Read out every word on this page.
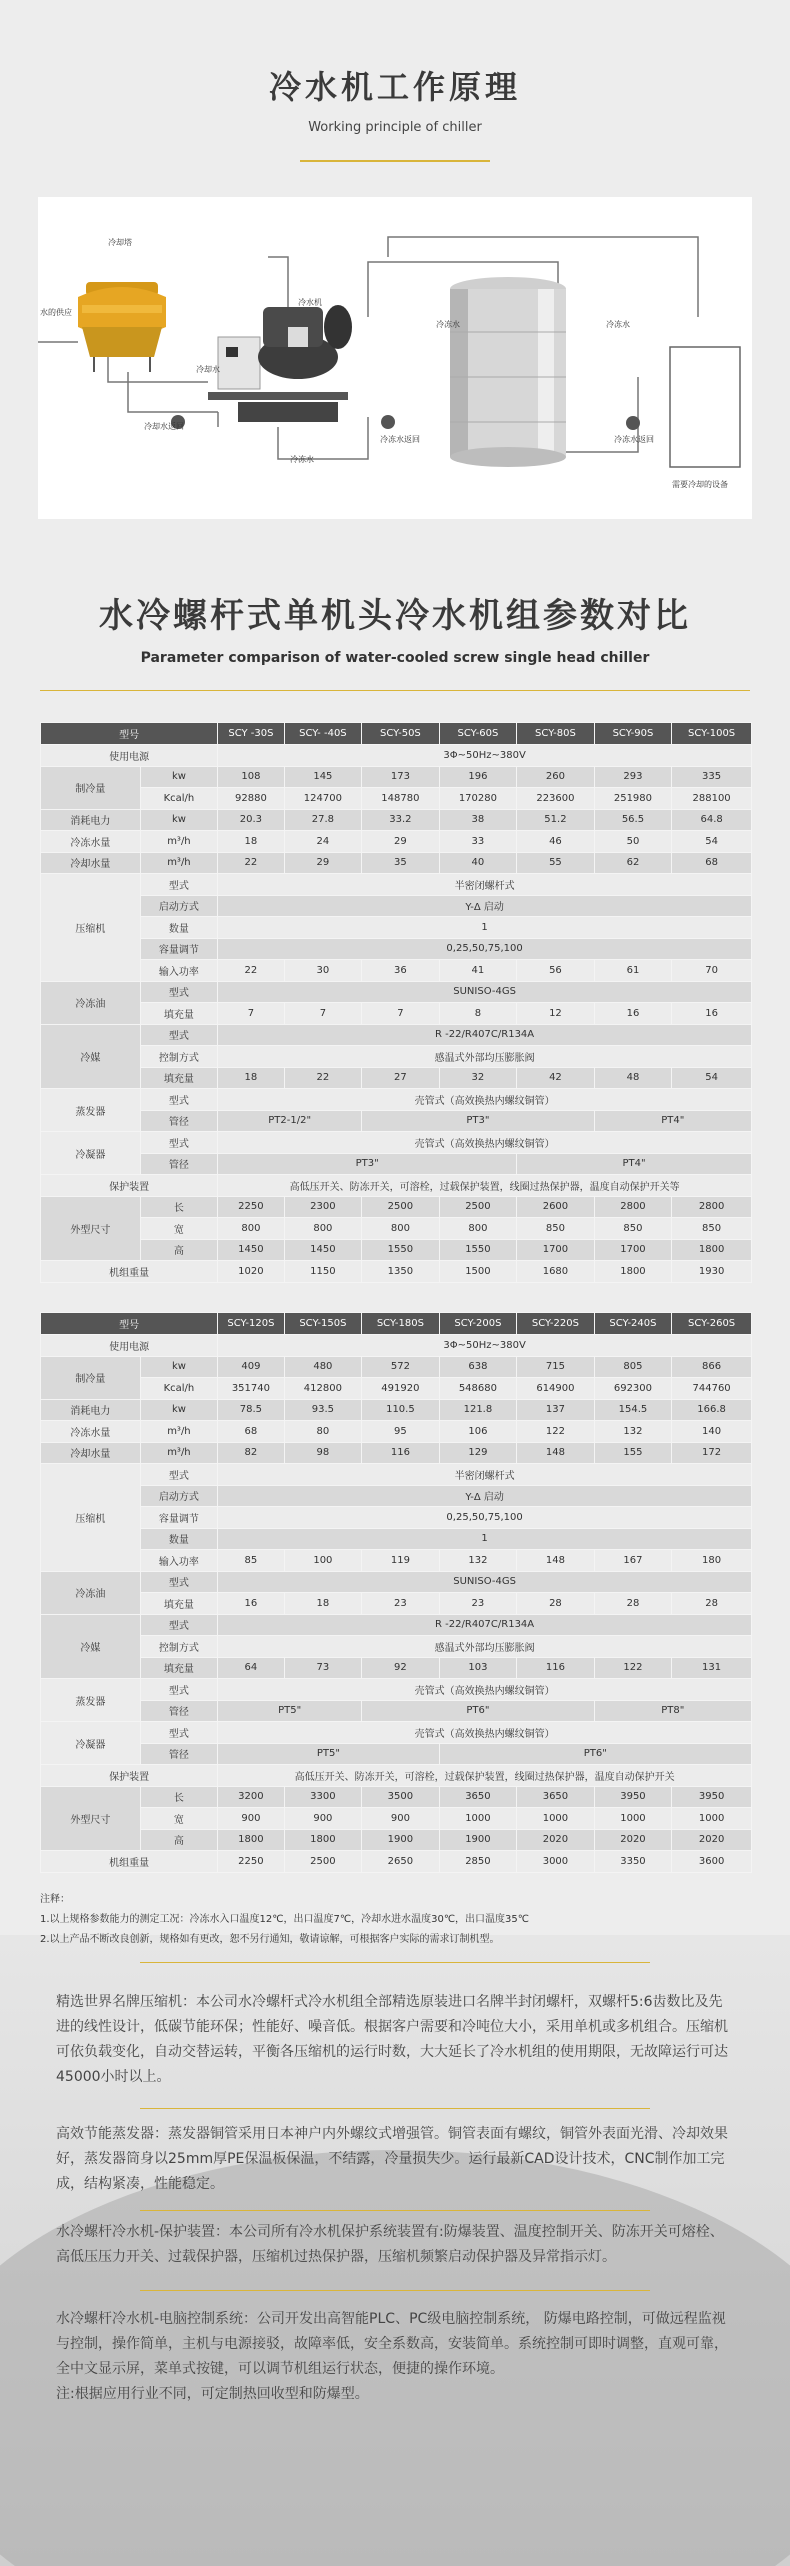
冷水机工作原理
Working principle of chiller
冷却塔
水的供应
冷水机
冷却水
冷却水返回
冷冻水	冷冻水
冷冻水返回	冷冻水返回
需要冷却的设备
冷冻水
水冷螺杆式单机头冷水机组参数对比
Parameter comparison of water-cooled screw single head chiller
型号		SCY -30S	SCY- -40S	SCY-50S	SCY-60S	SCY-80S	SCY-90S	SCY-100S
使用电源		3Φ~50Hz~380V						
制冷量	kw	108	145	173	196	260	293	335
	Kcal/h	92880	124700	148780	170280	223600	251980	288100
消耗电力	kw	20.3	27.8	33.2	38	51.2	56.5	64.8
冷冻水量	m³/h	18	24	29	33	46	50	54
冷却水量	m³/h	22	29	35	40	55	62	68
压缩机	型式	半密闭螺杆式						
	启动方式	Y-Δ 启动						
	数量	1						
	容量调节	0,25,50,75,100						
	输入功率	22	30	36	41	56	61	70
冷冻油	型式	SUNISO-4GS						
	填充量	7	7	7	8	12	16	16
冷媒	型式	R -22/R407C/R134A						
	控制方式	感温式外部均压膨胀阀						
	填充量	18	22	27	32	42	48	54
蒸发器	型式	壳管式（高效换热内螺纹铜管）						
	管径	PT2-1/2"		PT3"			PT4"	
冷凝器	型式	壳管式（高效换热内螺纹铜管）						
	管径	PT3"				PT4"		
保护装置		高低压开关、防冻开关，可溶栓，过载保护装置，线圈过热保护器，温度自动保护开关等						
外型尺寸	长	2250	2300	2500	2500	2600	2800	2800
	宽	800	800	800	800	850	850	850
	高	1450	1450	1550	1550	1700	1700	1800
机组重量		1020	1150	1350	1500	1680	1800	1930
型号		SCY-120S	SCY-150S	SCY-180S	SCY-200S	SCY-220S	SCY-240S	SCY-260S
使用电源		3Φ~50Hz~380V						
制冷量	kw	409	480	572	638	715	805	866
	Kcal/h	351740	412800	491920	548680	614900	692300	744760
消耗电力	kw	78.5	93.5	110.5	121.8	137	154.5	166.8
冷冻水量	m³/h	68	80	95	106	122	132	140
冷却水量	m³/h	82	98	116	129	148	155	172
压缩机	型式	半密闭螺杆式						
	启动方式	Y-Δ 启动						
	容量调节	0,25,50,75,100						
	数量	1						
	输入功率	85	100	119	132	148	167	180
冷冻油	型式	SUNISO-4GS						
	填充量	16	18	23	23	28	28	28
冷媒	型式	R -22/R407C/R134A						
	控制方式	感温式外部均压膨胀阀						
	填充量	64	73	92	103	116	122	131
蒸发器	型式	壳管式（高效换热内螺纹铜管）						
	管径	PT5"		PT6"			PT8"	
冷凝器	型式	壳管式（高效换热内螺纹铜管）						
	管径	PT5"			PT6"			
保护装置		高低压开关、防冻开关，可溶栓，过载保护装置，线圈过热保护器，温度自动保护开关						
外型尺寸	长	3200	3300	3500	3650	3650	3950	3950
	宽	900	900	900	1000	1000	1000	1000
	高	1800	1800	1900	1900	2020	2020	2020
机组重量		2250	2500	2650	2850	3000	3350	3600
注释：
1.以上规格参数能力的测定工况：冷冻水入口温度12℃，出口温度7℃，冷却水进水温度30℃，出口温度35℃
2.以上产品不断改良创新，规格如有更改，恕不另行通知，敬请谅解，可根据客户实际的需求订制机型。
精选世界名牌压缩机：本公司水冷螺杆式冷水机组全部精选原装进口名牌半封闭螺杆，双螺杆5:6齿数比及先进的线性设计，低碳节能环保；性能好、噪音低。根据客户需要和冷吨位大小，采用单机或多机组合。压缩机可依负载变化，自动交替运转，平衡各压缩机的运行时数，大大延长了冷水机组的使用期限，无故障运行可达45000小时以上。
高效节能蒸发器：蒸发器铜管采用日本神户内外螺纹式增强管。铜管表面有螺纹，铜管外表面光滑、冷却效果好，蒸发器筒身以25mm厚PE保温板保温，不结露，冷量损失少。运行最新CAD设计技术，CNC制作加工完成，结构紧凑，性能稳定。
水冷螺杆冷水机-保护装置：本公司所有冷水机保护系统装置有:防爆装置、温度控制开关、防冻开关可熔栓、高低压压力开关、过载保护器，压缩机过热保护器，压缩机频繁启动保护器及异常指示灯。
水冷螺杆冷水机-电脑控制系统：公司开发出高智能PLC、PC级电脑控制系统， 防爆电路控制，可做远程监视与控制，操作简单，主机与电源接驳，故障率低，安全系数高，安装简单。系统控制可即时调整，直观可靠，全中文显示屏，菜单式按键，可以调节机组运行状态，便捷的操作环境。
注:根据应用行业不同，可定制热回收型和防爆型。
